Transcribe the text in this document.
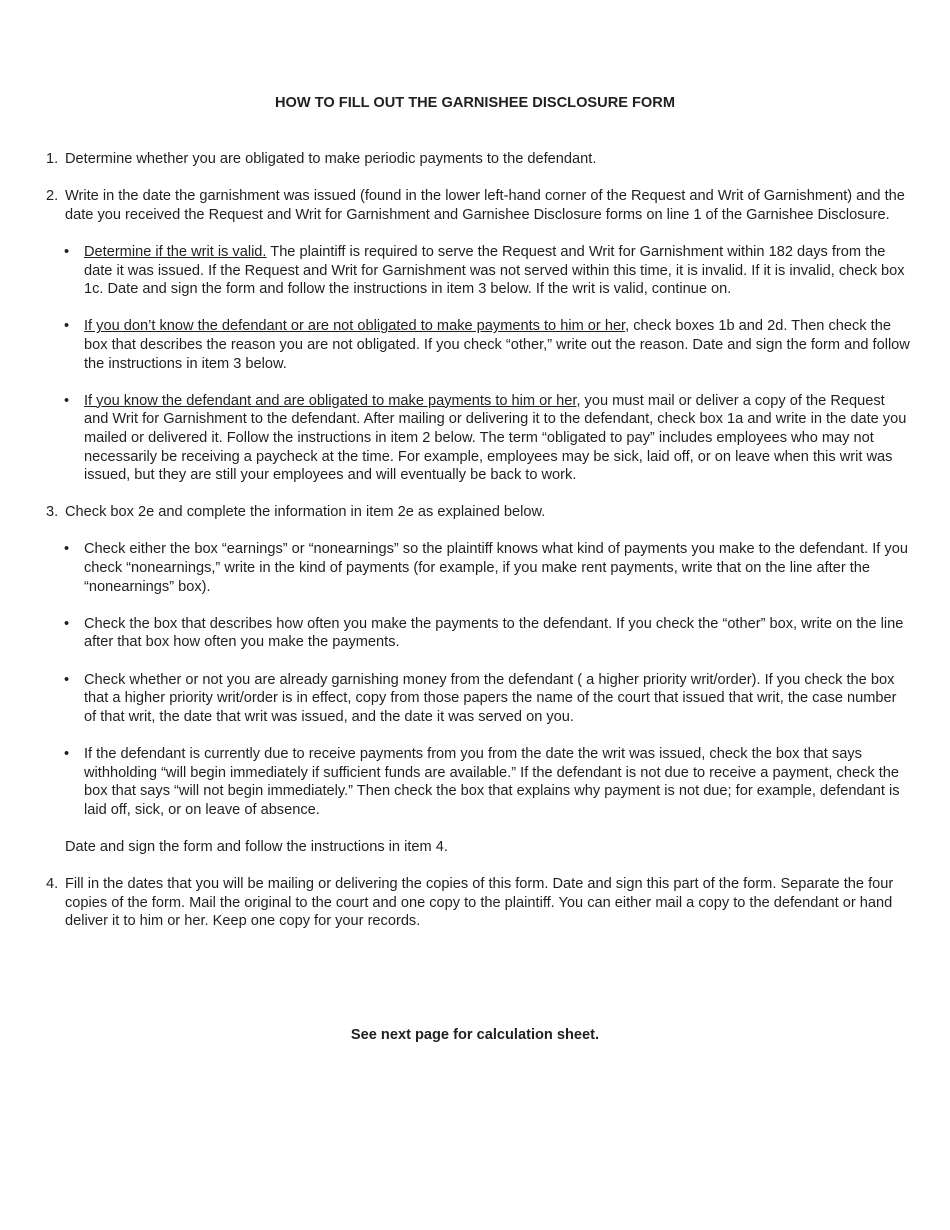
HOW TO FILL OUT THE GARNISHEE DISCLOSURE FORM

1. Determine whether you are obligated to make periodic payments to the defendant.

2. Write in the date the garnishment was issued (found in the lower left-hand corner of the Request and Writ of Garnishment) and the date you received the Request and Writ for Garnishment and Garnishee Disclosure forms on line 1 of the Garnishee Disclosure.

• Determine if the writ is valid. The plaintiff is required to serve the Request and Writ for Garnishment within 182 days from the date it was issued. If the Request and Writ for Garnishment was not served within this time, it is invalid. If it is invalid, check box 1c. Date and sign the form and follow the instructions in item 3 below. If the writ is valid, continue on.

• If you don’t know the defendant or are not obligated to make payments to him or her, check boxes 1b and 2d. Then check the box that describes the reason you are not obligated. If you check “other,” write out the reason. Date and sign the form and follow the instructions in item 3 below.

• If you know the defendant and are obligated to make payments to him or her, you must mail or deliver a copy of the Request and Writ for Garnishment to the defendant. After mailing or delivering it to the defendant, check box 1a and write in the date you mailed or delivered it. Follow the instructions in item 2 below. The term “obligated to pay” includes employees who may not necessarily be receiving a paycheck at the time. For example, employees may be sick, laid off, or on leave when this writ was issued, but they are still your employees and will eventually be back to work.

3. Check box 2e and complete the information in item 2e as explained below.

• Check either the box “earnings” or “nonearnings” so the plaintiff knows what kind of payments you make to the defendant. If you check “nonearnings,” write in the kind of payments (for example, if you make rent payments, write that on the line after the “nonearnings” box).

• Check the box that describes how often you make the payments to the defendant. If you check the “other” box, write on the line after that box how often you make the payments.

• Check whether or not you are already garnishing money from the defendant ( a higher priority writ/order). If you check the box that a higher priority writ/order is in effect, copy from those papers the name of the court that issued that writ, the case number of that writ, the date that writ was issued, and the date it was served on you.

• If the defendant is currently due to receive payments from you from the date the writ was issued, check the box that says withholding “will begin immediately if sufficient funds are available.” If the defendant is not due to receive a payment, check the box that says “will not begin immediately.” Then check the box that explains why payment is not due; for example, defendant is laid off, sick, or on leave of absence.

Date and sign the form and follow the instructions in item 4.

4. Fill in the dates that you will be mailing or delivering the copies of this form. Date and sign this part of the form. Separate the four copies of the form. Mail the original to the court and one copy to the plaintiff. You can either mail a copy to the defendant or hand deliver it to him or her. Keep one copy for your records.

See next page for calculation sheet.
